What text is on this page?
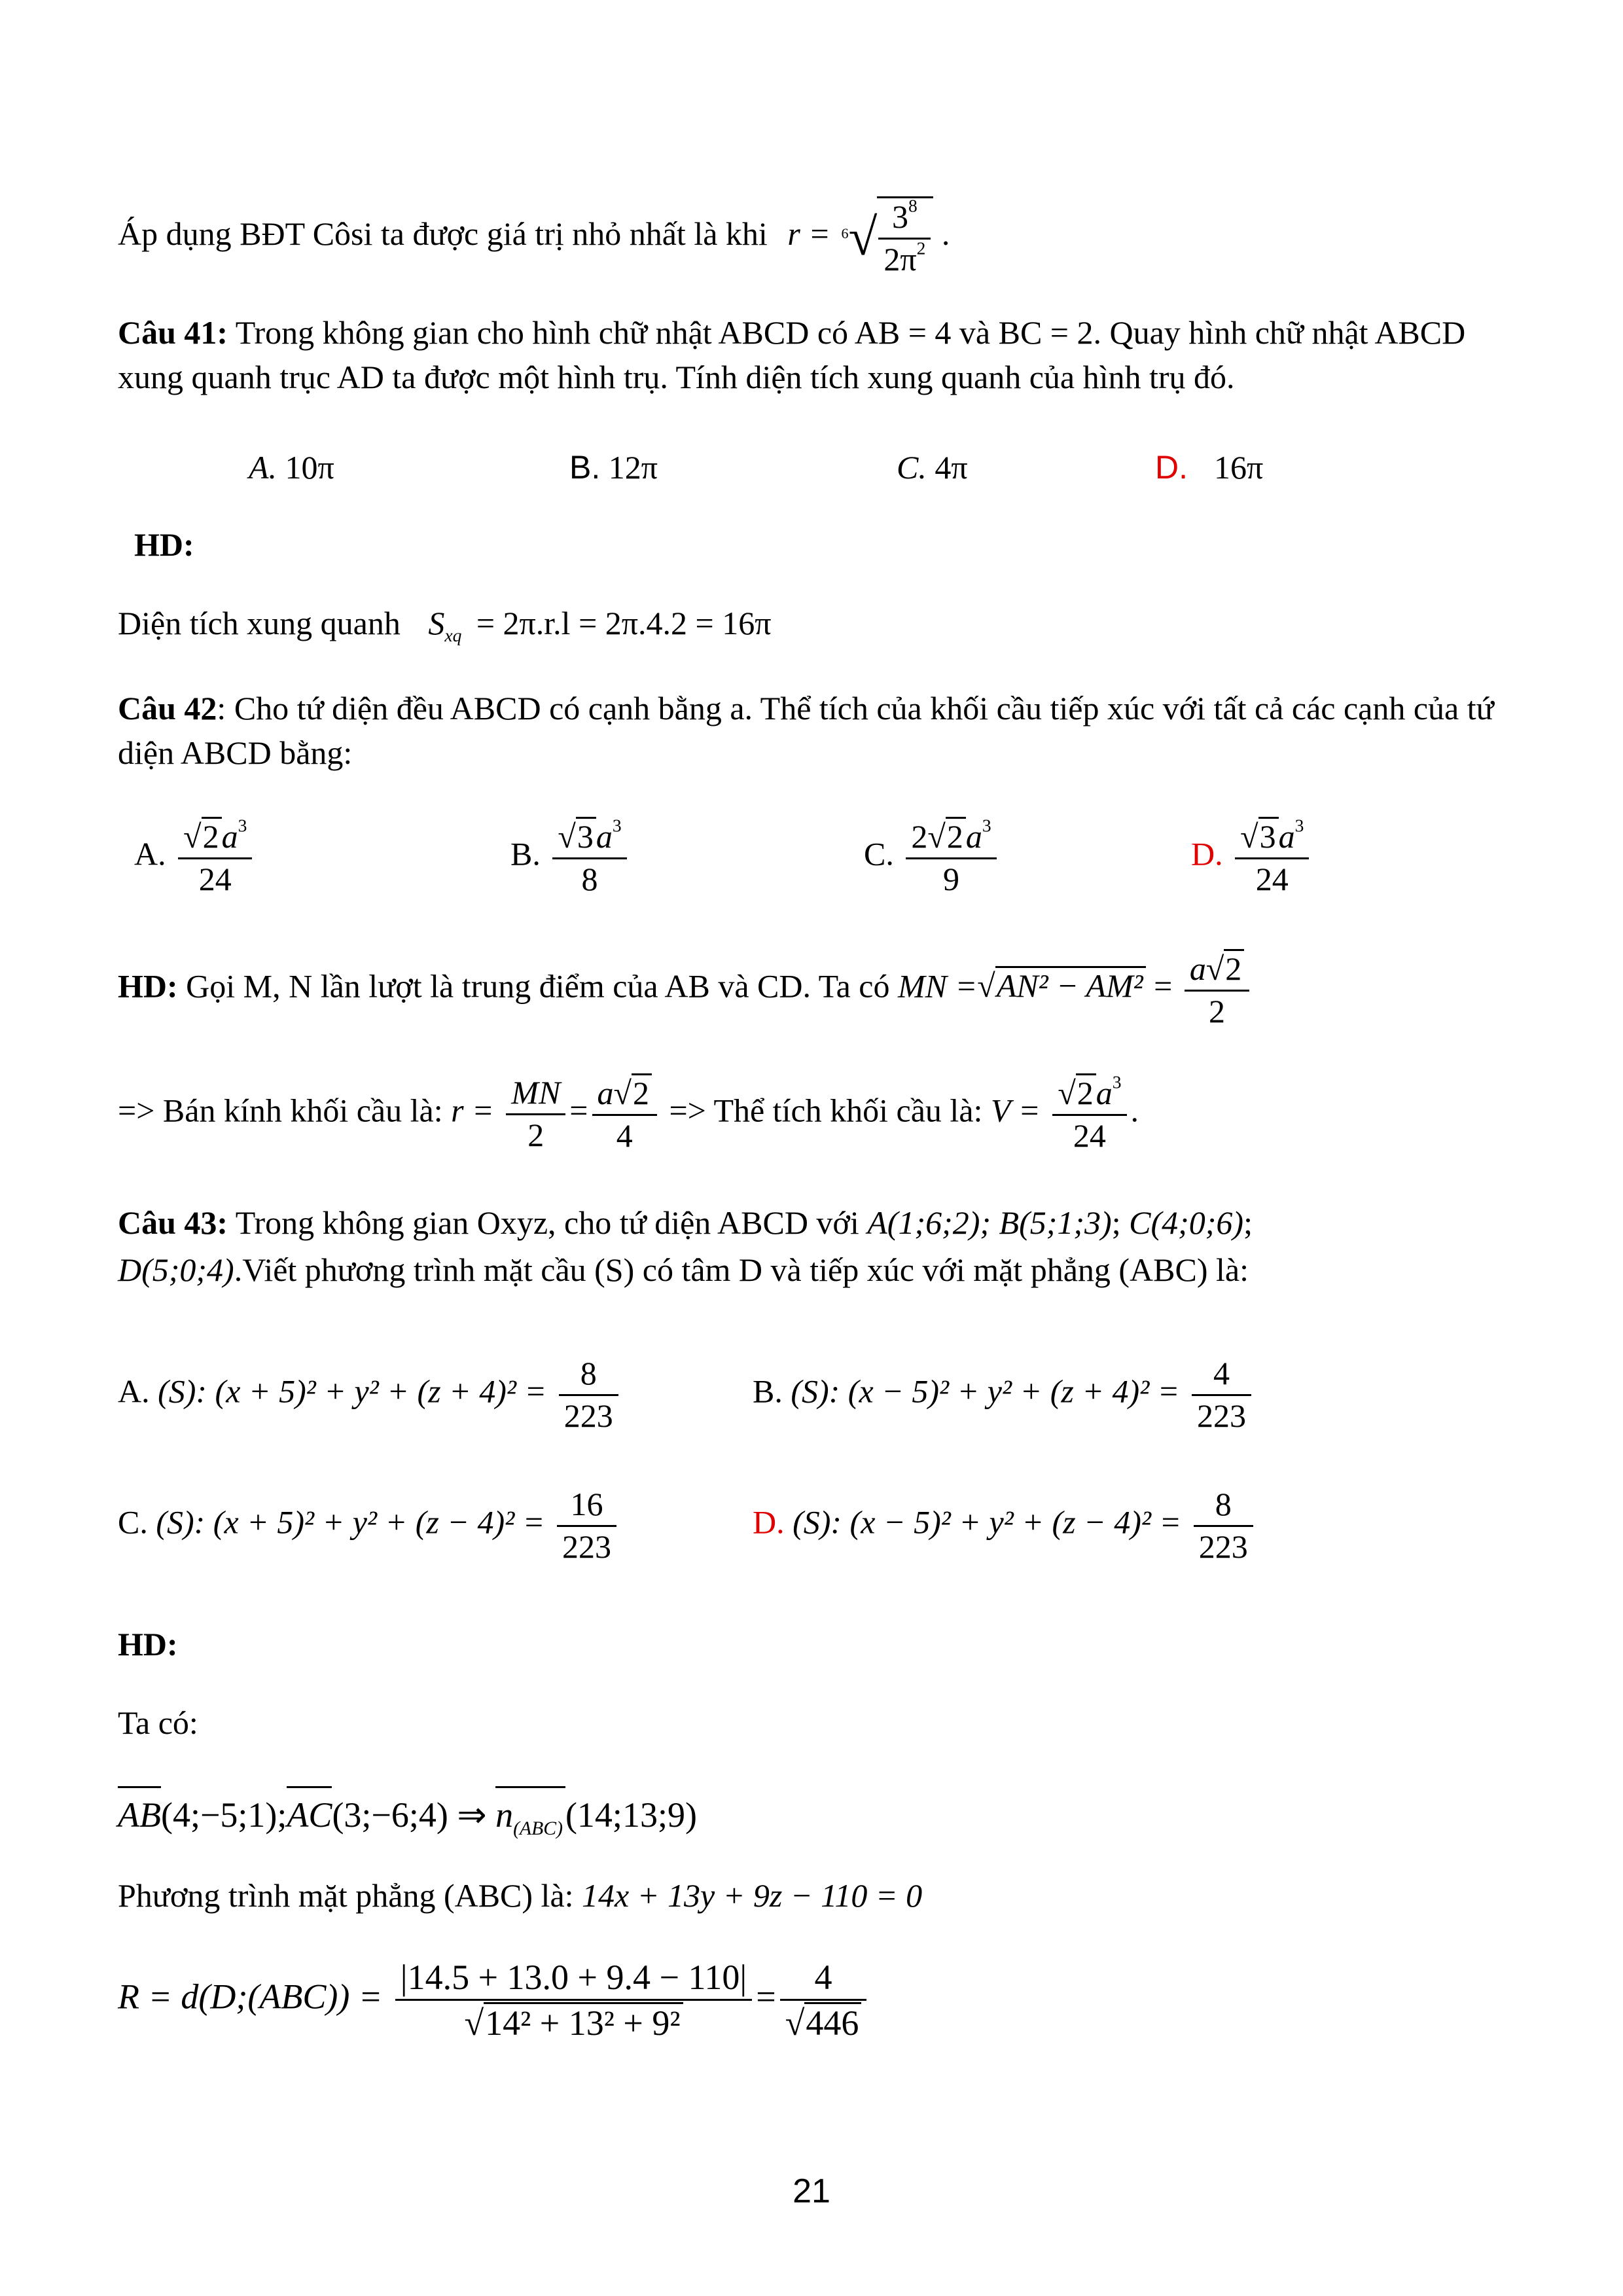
Áp dụng BĐT Côsi ta được giá trị nhỏ nhất là khi $r = ^6√ \frac{3^8}{2\pi^2}$ .
Câu 41: Trong không gian cho hình chữ nhật ABCD có AB = 4 và BC = 2. Quay hình chữ nhật ABCD xung quanh trục AD ta được một hình trụ. Tính diện tích xung quanh của hình trụ đó.
A. 10π	B. 12π	C. 4π	D. 16π
HD:
Diện tích xung quanh $S_{xq} = 2\pi.r.l = 2\pi.4.2 = 16\pi$
Câu 42: Cho tứ diện đều ABCD có cạnh bằng a. Thể tích của khối cầu tiếp xúc với tất cả các cạnh của tứ diện ABCD bằng:
A.
√ $\frac{2a^3}{24}$	B.
√ $\frac{3a^3}{8}$	C. $\frac{2√ 2a^3}{9}$	D.
√ $\frac{3a^3}{24}$
HD: Gọi M, N lần lượt là trung điểm của AB và CD. Ta có MN =√ $AN^2 - AM^2 = \frac{a√ 2}{2}$
=> Bán kính khối cầu là: $r = \frac{MN}{2} = \frac{a√ 2}{4}$ => Thể tích khối cầu là: V =
√ $\frac{2a^3}{24}$ .
Câu 43: Trong không gian Oxyz, cho tứ diện ABCD với A(1;6;2); B(5;1;3); C(4;0;6);
D(5;0;4).Viết phương trình mặt cầu (S) có tâm D và tiếp xúc với mặt phẳng (ABC) là:
A. (S): $(x + 5)^2 + y^2 + (z + 4)^2 = \frac{8}{223}$	B. (S): $(x - 5)^2 + y^2 + (z + 4)^2 = \frac{4}{223}$
C. (S): $(x + 5)^2 + y^2 + (z - 4)^2 = \frac{16}{223}$	D. (S): $(x - 5)^2 + y^2 + (z - 4)^2 = \frac{8}{223}$
HD:
Ta có:
AB(4;−5;1);AC(3;−6;4) ⇒ $n_{(ABC)}(14;13;9)$
Phương trình mặt phẳng (ABC) là: 14x + 13y + 9z − 110 = 0
R = d(D;(ABC)) = |14.5 + 13.0 + 9.4 − 110|
√ 14² + 13² + 9² = 4
√ 446
21
